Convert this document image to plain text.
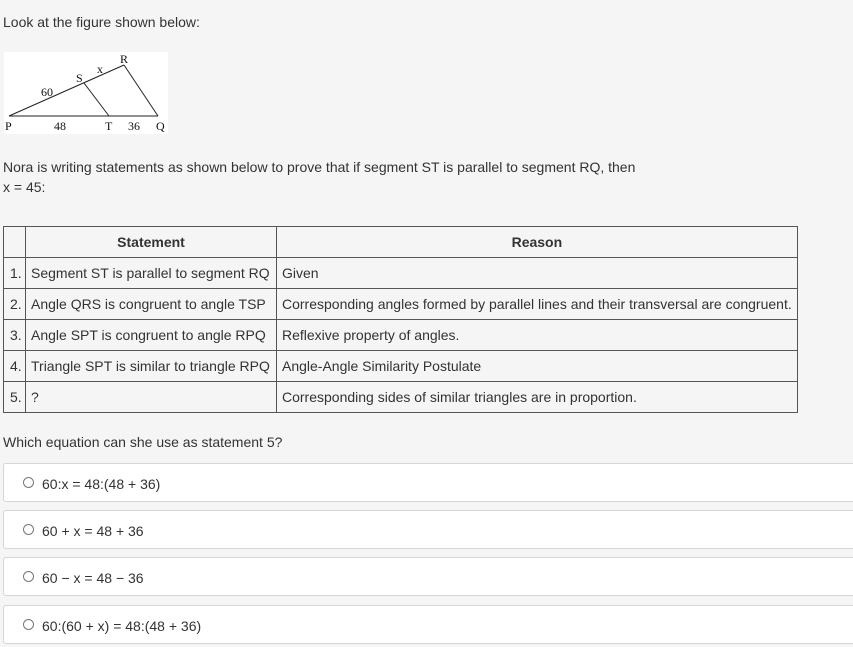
Look at the figure shown below:
R
S
x
60
P	48	T 36 Q
Nora is writing statements as shown below to prove that if segment ST is parallel to segment RQ, then
x = 45:
	Statement	Reason
1.	Segment ST is parallel to segment RQ	Given
2.	Angle QRS is congruent to angle TSP	Corresponding angles formed by parallel lines and their transversal are congruent.
3.	Angle SPT is congruent to angle RPQ	Reflexive property of angles.
4.	Triangle SPT is similar to triangle RPQ	Angle-Angle Similarity Postulate
5.	?	Corresponding sides of similar triangles are in proportion.
Which equation can she use as statement 5?
60:x = 48:(48 + 36)
60 + x = 48 + 36
60 − x = 48 − 36
60:(60 + x) = 48:(48 + 36)
